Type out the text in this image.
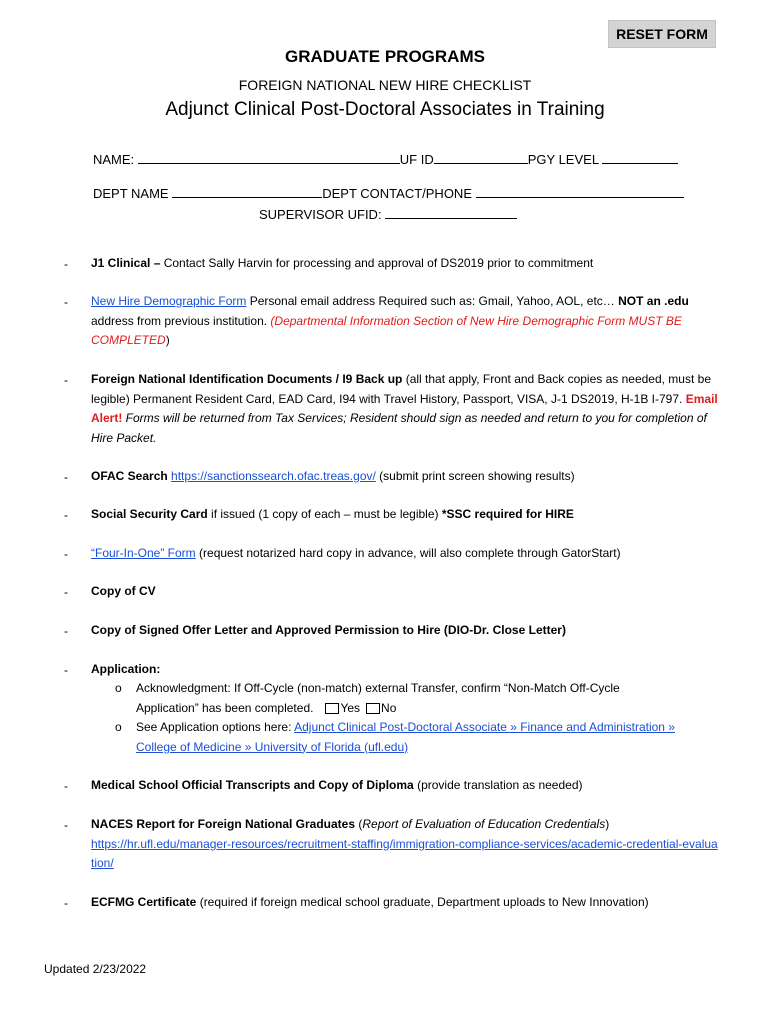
RESET FORM
GRADUATE PROGRAMS
FOREIGN NATIONAL NEW HIRE CHECKLIST
Adjunct Clinical Post-Doctoral Associates in Training
NAME:	UF ID	PGY LEVEL
DEPT NAME	DEPT CONTACT/PHONE
SUPERVISOR UFID:
- J1 Clinical – Contact Sally Harvin for processing and approval of DS2019 prior to commitment
- New Hire Demographic Form Personal email address Required such as: Gmail, Yahoo, AOL, etc… NOT an .edu address from previous institution. (Departmental Information Section of New Hire Demographic Form MUST BE COMPLETED)
- Foreign National Identification Documents / I9 Back up (all that apply, Front and Back copies as needed, must be legible) Permanent Resident Card, EAD Card, I94 with Travel History, Passport, VISA, J-1 DS2019, H-1B I-797. Email Alert! Forms will be returned from Tax Services; Resident should sign as needed and return to you for completion of Hire Packet.
- OFAC Search https://sanctionssearch.ofac.treas.gov/ (submit print screen showing results)
- Social Security Card if issued (1 copy of each – must be legible) *SSC required for HIRE
- “Four-In-One” Form (request notarized hard copy in advance, will also complete through GatorStart)
- Copy of CV
- Copy of Signed Offer Letter and Approved Permission to Hire (DIO-Dr. Close Letter)
- Application:
o	Acknowledgment: If Off-Cycle (non-match) external Transfer, confirm “Non-Match Off-Cycle
Application” has been completed. Yes No
o	See Application options here: Adjunct Clinical Post-Doctoral Associate » Finance and Administration »
College of Medicine » University of Florida (ufl.edu)
- Medical School Official Transcripts and Copy of Diploma (provide translation as needed)
- NACES Report for Foreign National Graduates (Report of Evaluation of Education Credentials)
https://hr.ufl.edu/manager-resources/recruitment-staffing/immigration-compliance-services/academic-credential-evaluation/
- ECFMG Certificate (required if foreign medical school graduate, Department uploads to New Innovation)
Updated 2/23/2022
